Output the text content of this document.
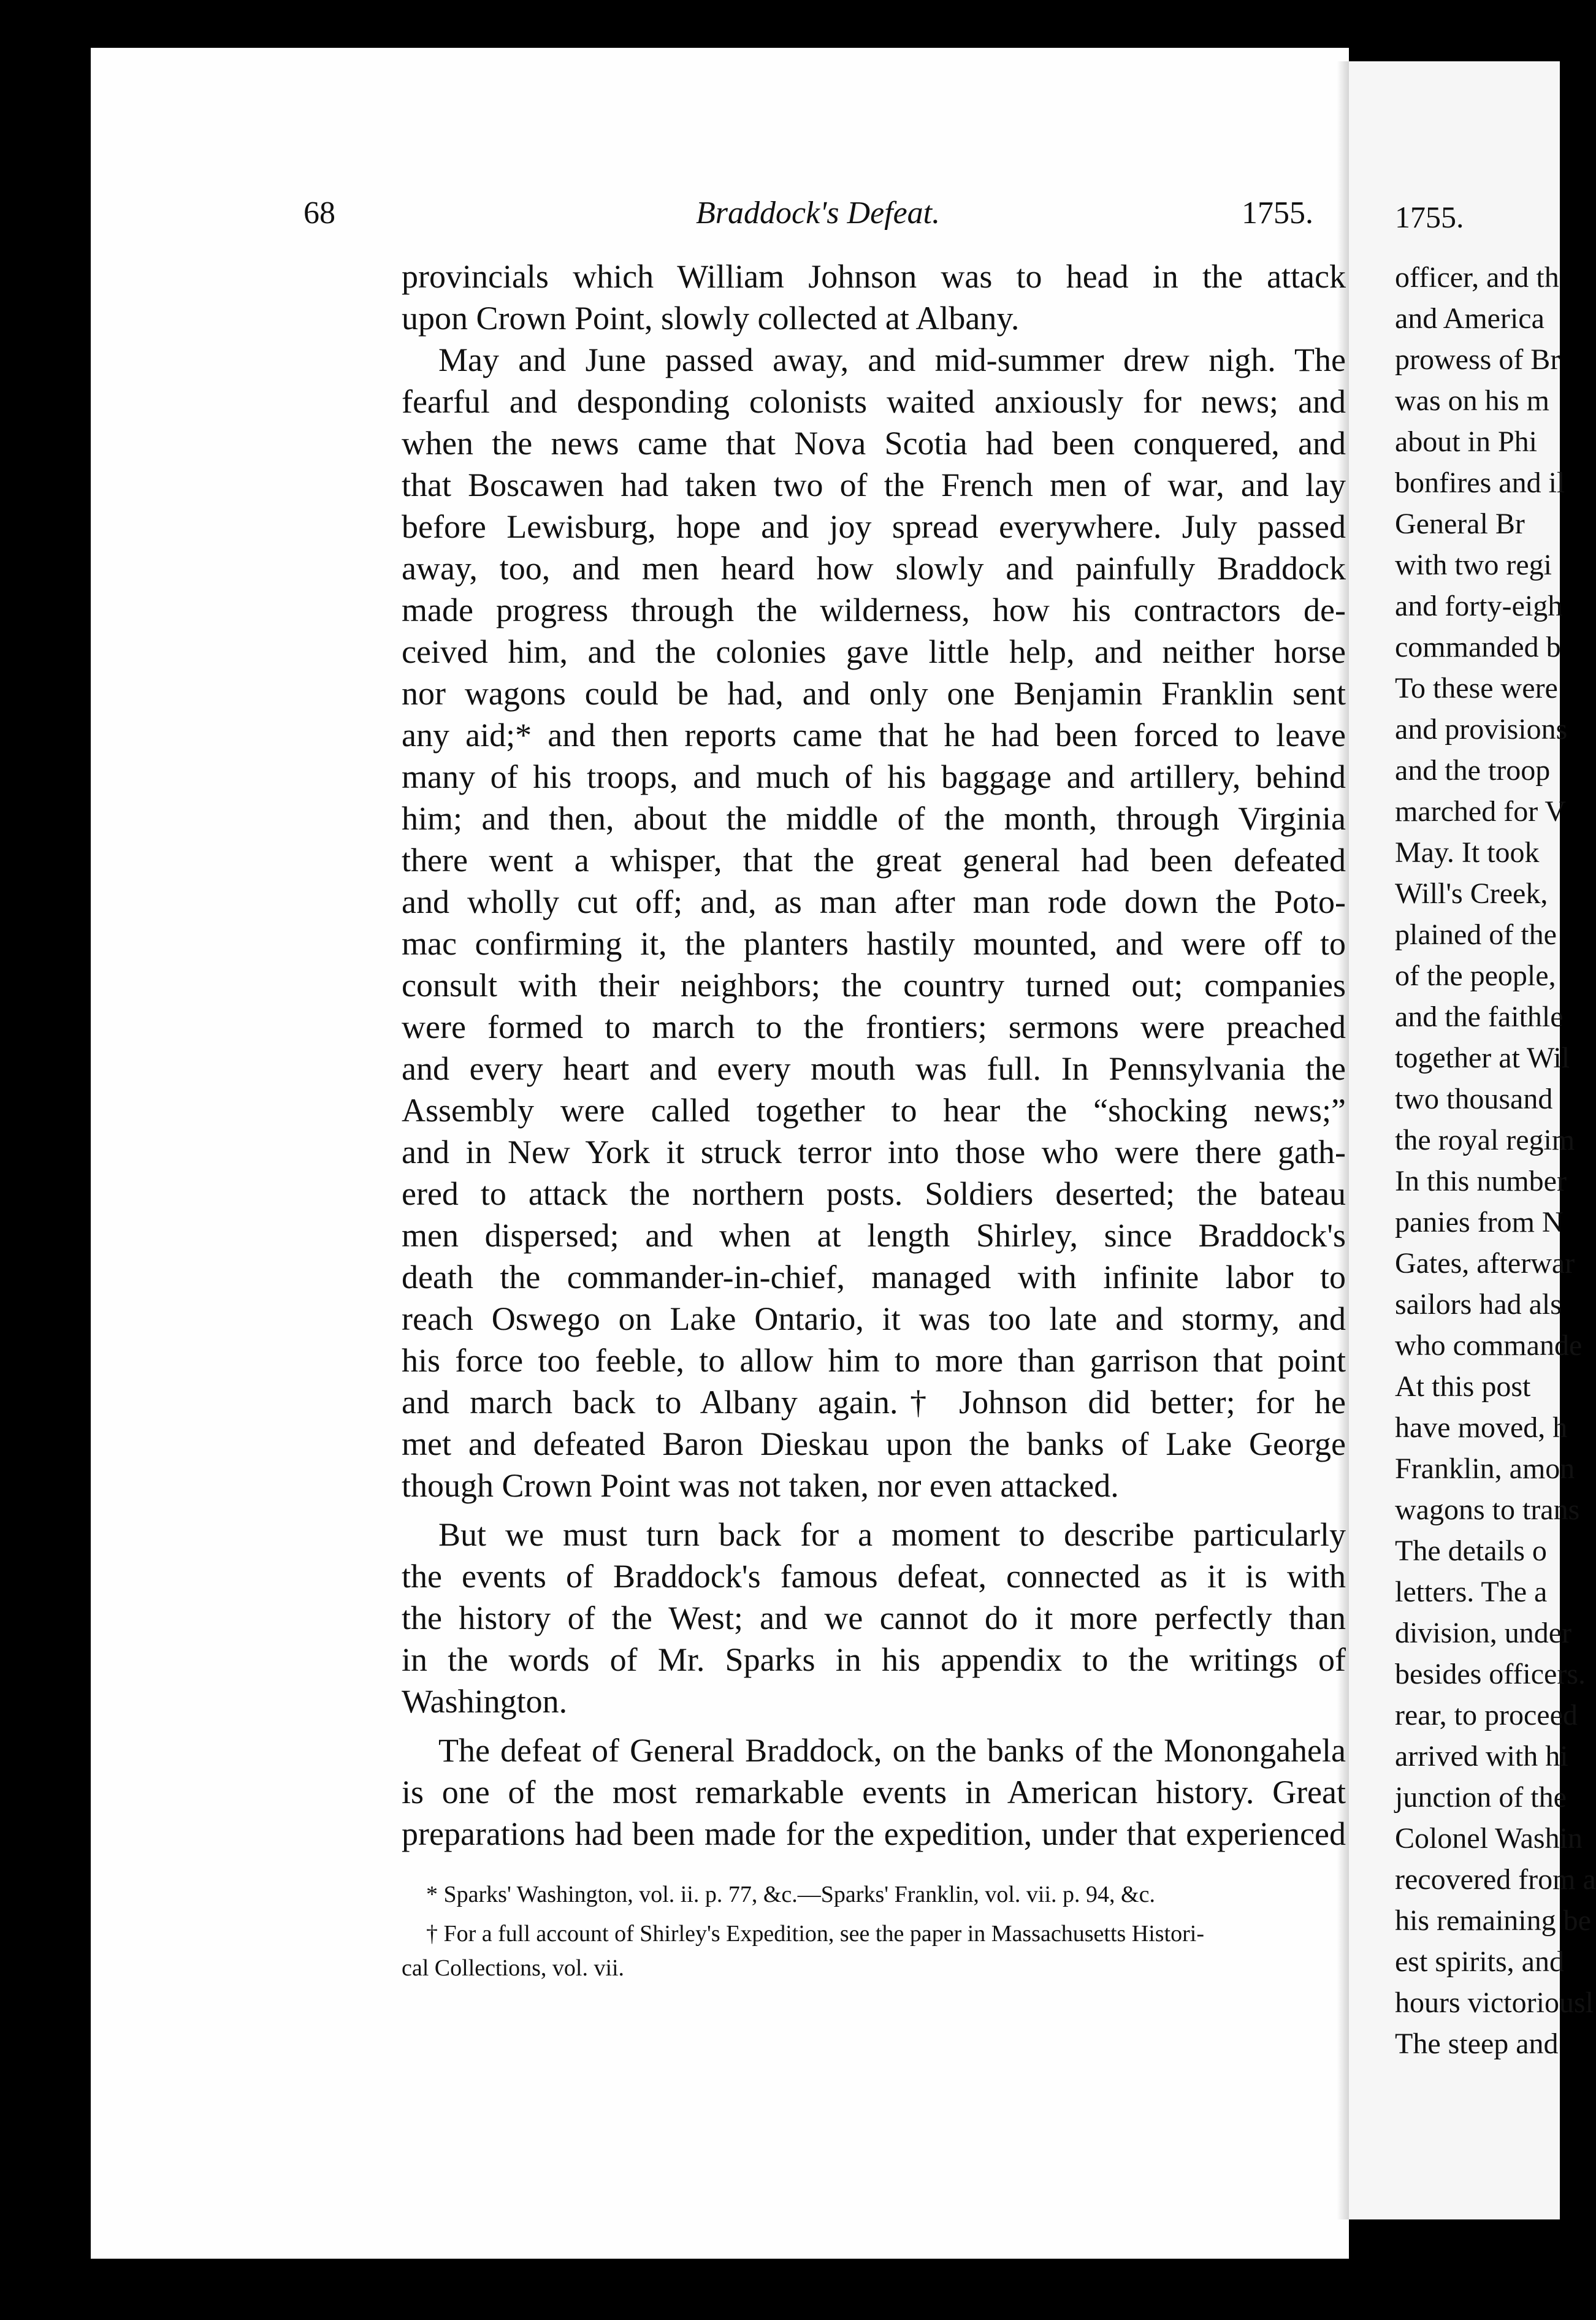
68	Braddock's Defeat.	1755.
provincials which William Johnson was to head in the attack
upon Crown Point, slowly collected at Albany.
May and June passed away, and mid-summer drew nigh. The
fearful and desponding colonists waited anxiously for news; and
when the news came that Nova Scotia had been conquered, and
that Boscawen had taken two of the French men of war, and lay
before Lewisburg, hope and joy spread everywhere. July passed
away, too, and men heard how slowly and painfully Braddock
made progress through the wilderness, how his contractors de-
ceived him, and the colonies gave little help, and neither horse
nor wagons could be had, and only one Benjamin Franklin sent
any aid;* and then reports came that he had been forced to leave
many of his troops, and much of his baggage and artillery, behind
him; and then, about the middle of the month, through Virginia
there went a whisper, that the great general had been defeated
and wholly cut off; and, as man after man rode down the Poto-
mac confirming it, the planters hastily mounted, and were off to
consult with their neighbors; the country turned out; companies
were formed to march to the frontiers; sermons were preached
and every heart and every mouth was full. In Pennsylvania the
Assembly were called together to hear the “shocking news;”
and in New York it struck terror into those who were there gath-
ered to attack the northern posts. Soldiers deserted; the bateau
men dispersed; and when at length Shirley, since Braddock's
death the commander-in-chief, managed with infinite labor to
reach Oswego on Lake Ontario, it was too late and stormy, and
his force too feeble, to allow him to more than garrison that point
and march back to Albany again.† Johnson did better; for he
met and defeated Baron Dieskau upon the banks of Lake George
though Crown Point was not taken, nor even attacked.
But we must turn back for a moment to describe particularly
the events of Braddock's famous defeat, connected as it is with
the history of the West; and we cannot do it more perfectly than
in the words of Mr. Sparks in his appendix to the writings of
Washington.
The defeat of General Braddock, on the banks of the Monongahela
is one of the most remarkable events in American history. Great
preparations had been made for the expedition, under that experienced
* Sparks' Washington, vol. ii. p. 77, &c.—Sparks' Franklin, vol. vii. p. 94, &c.
† For a full account of Shirley's Expedition, see the paper in Massachusetts Histori-
cal Collections, vol. vii.
1755.
officer, and th
and America
prowess of Br
was on his m
about in Phi
bonfires and il
General Br
with two regi
and forty-eigh
commanded b
To these were
and provisions
and the troop
marched for V
May. It took
Will's Creek,
plained of the
of the people,
and the faithle
together at Wil
two thousand
the royal regim
In this number
panies from N
Gates, afterwar
sailors had als
who commande
At this post
have moved, h
Franklin, amon
wagons to trans
The details o
letters. The a
division, under
besides officers.
rear, to proceed
arrived with hi
junction of the
Colonel Washin
recovered from a
his remaining be
est spirits, and
hours victoriousl
The steep and
